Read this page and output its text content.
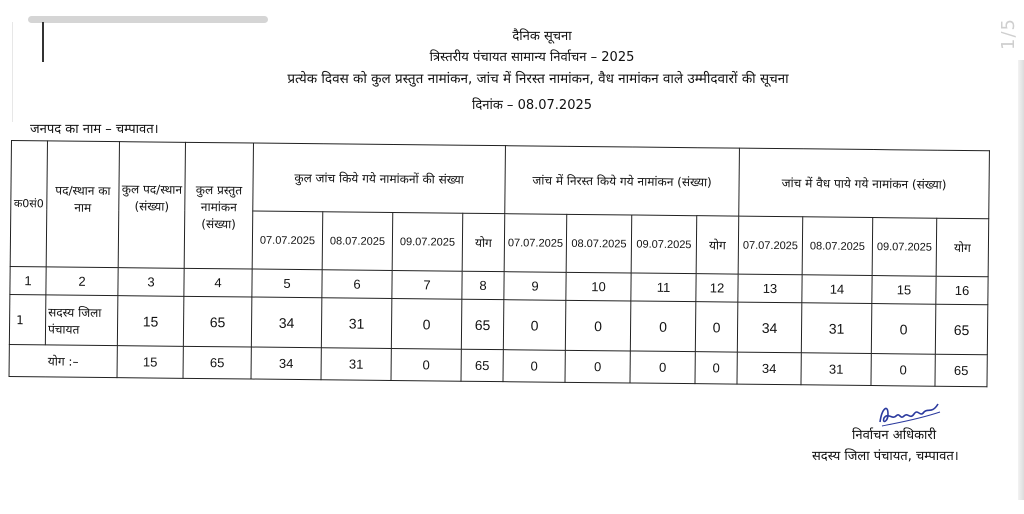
1/5
दैनिक सूचना
त्रिस्तरीय पंचायत सामान्य निर्वाचन – 2025
प्रत्येक दिवस को कुल प्रस्तुत नामांकन, जांच में निरस्त नामांकन, वैध नामांकन वाले उम्मीदवारों की सूचना
दिनांक – 08.07.2025
जनपद का नाम – चम्पावत।
क0सं0	पद/स्थान का नाम	कुल पद/स्थान (संख्या)	कुल प्रस्तुत नामांकन (संख्या)	कुल जांच किये गये नामांकनों की संख्या				जांच में निरस्त किये गये नामांकन (संख्या)				जांच में वैध पाये गये नामांकन (संख्या)			
				07.07.2025	08.07.2025	09.07.2025	योग	07.07.2025	08.07.2025	09.07.2025	योग	07.07.2025	08.07.2025	09.07.2025	योग
1	2	3	4	5	6	7	8	9	10	11	12	13	14	15	16
1	सदस्य जिला पंचायत	15	65	34	31	0	65	0	0	0	0	34	31	0	65
योग :–		15	65	34	31	0	65	0	0	0	0	34	31	0	65
निर्वाचन अधिकारी
सदस्य जिला पंचायत, चम्पावत।
